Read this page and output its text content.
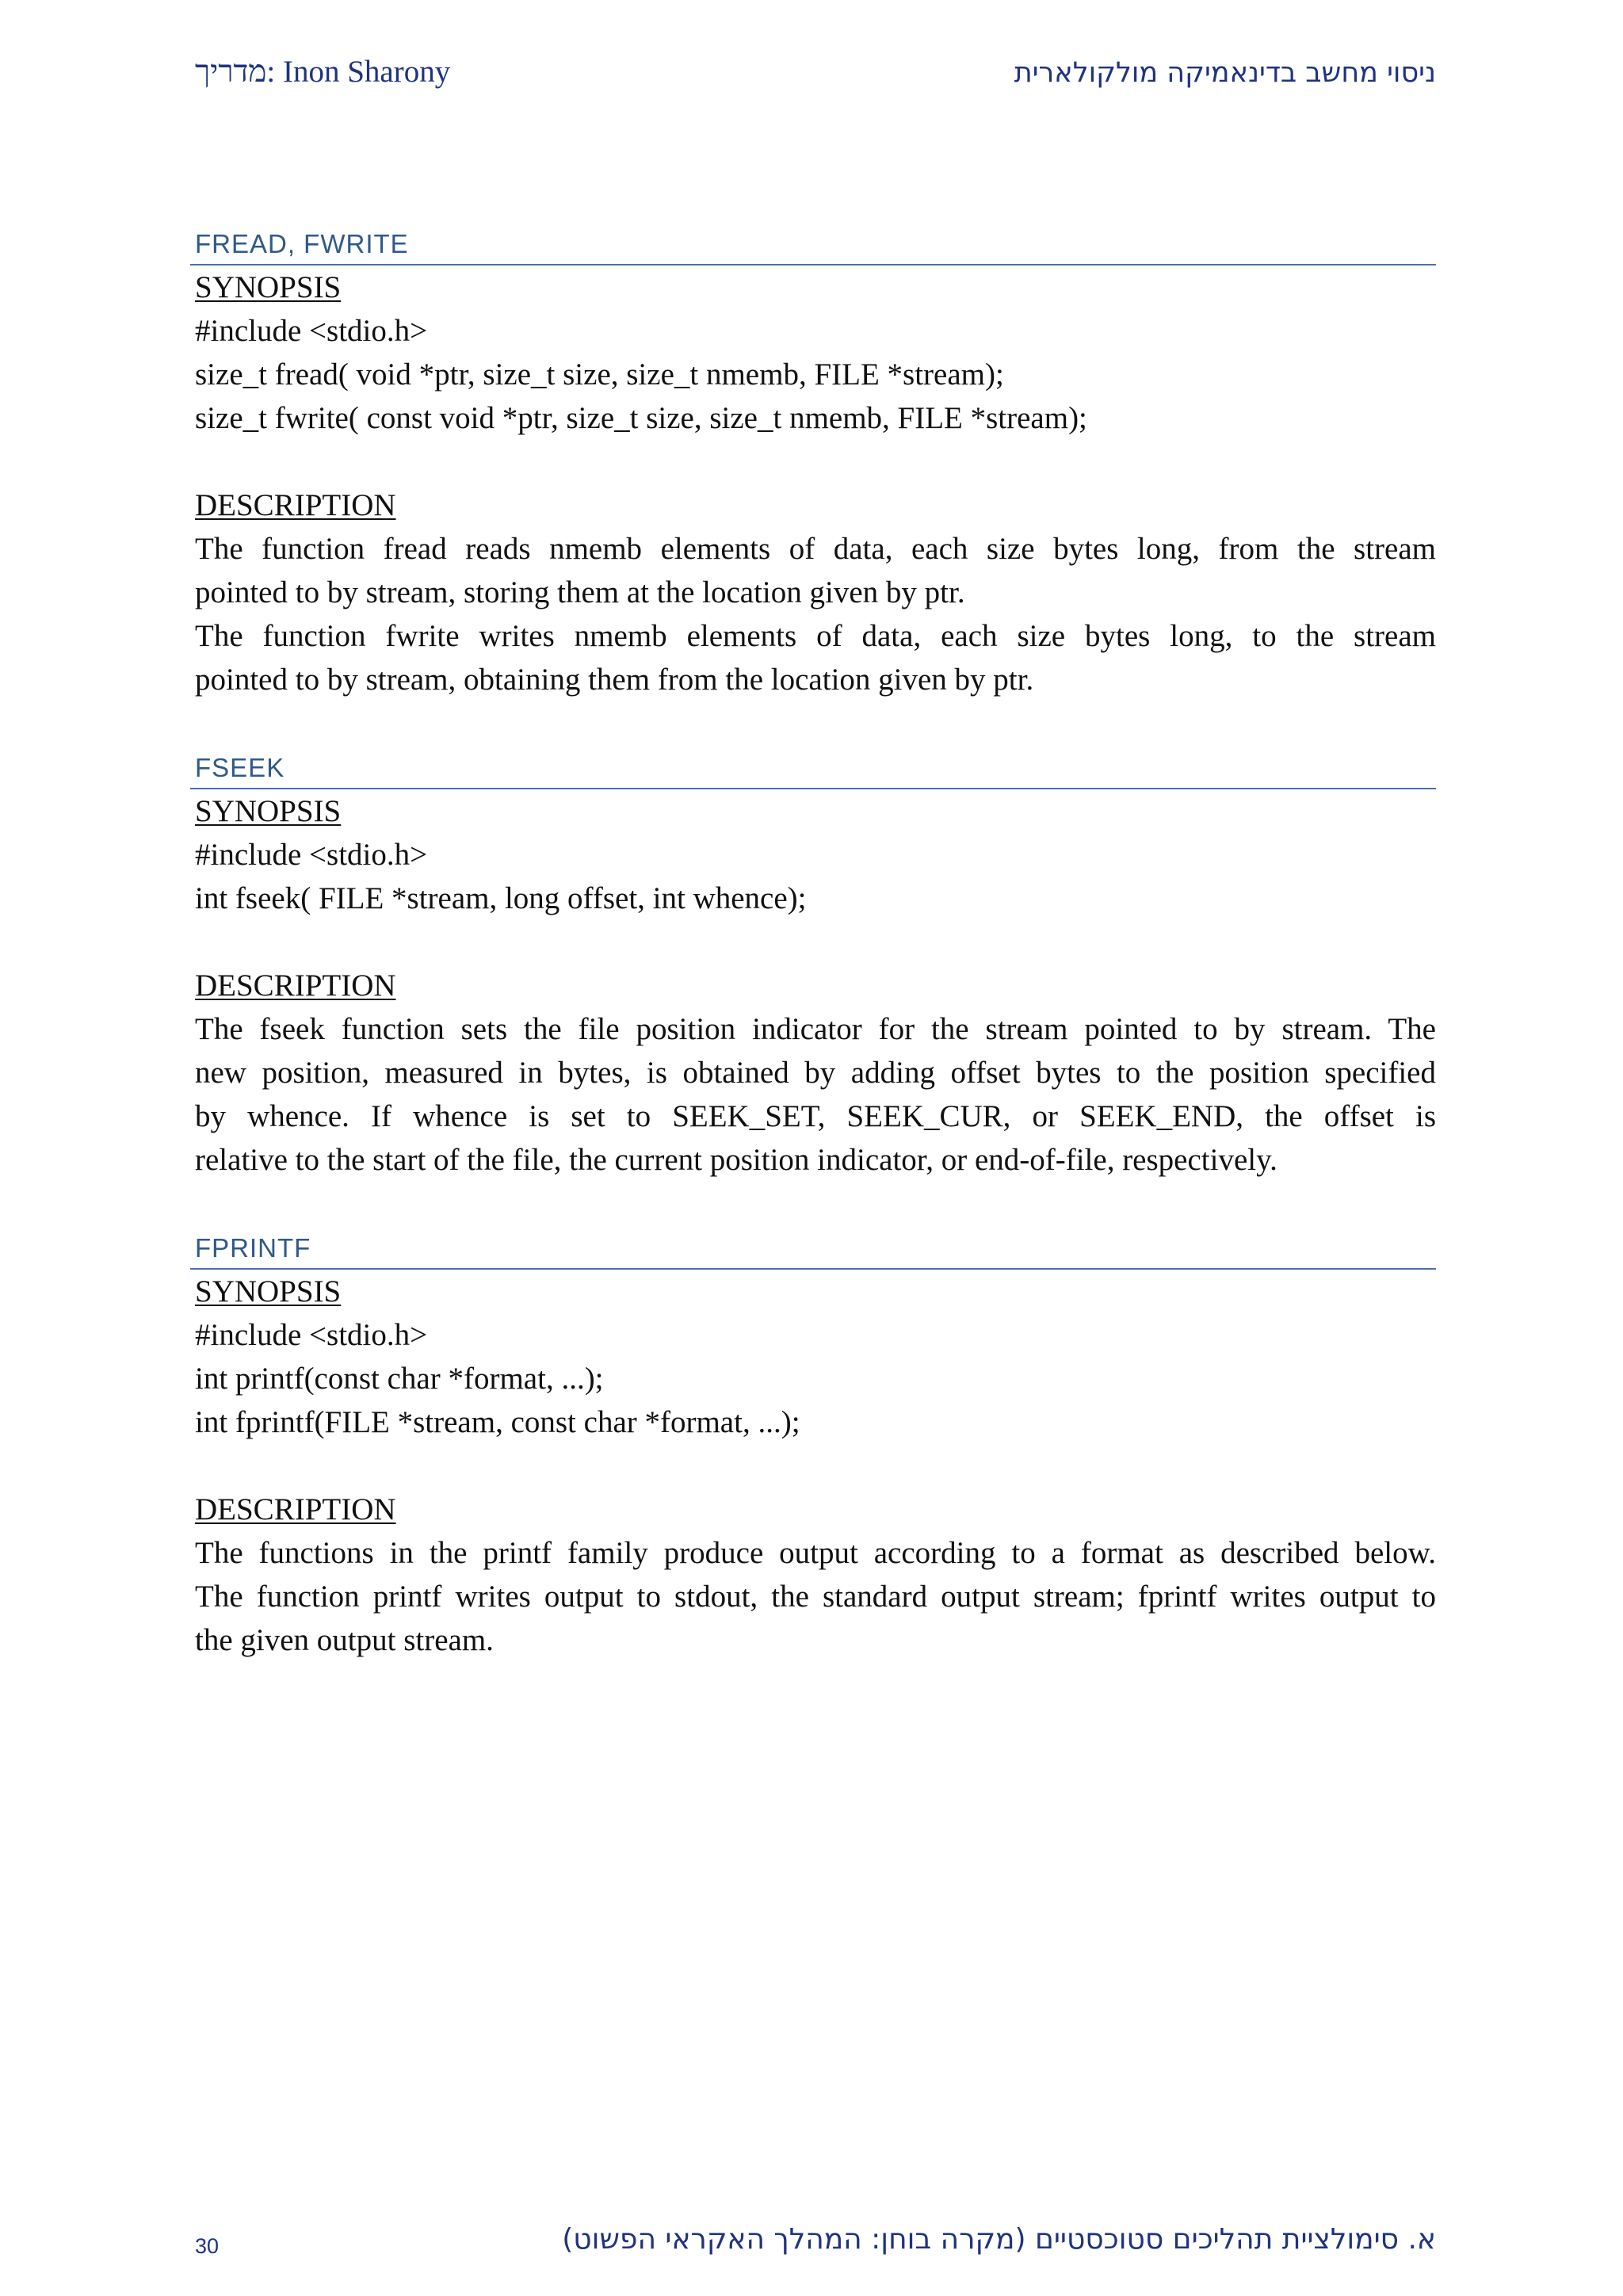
מדריך: Inon Sharony	ניסוי מחשב בדינאמיקה מולקולארית
FREAD, FWRITE
SYNOPSIS
#include <stdio.h>
size_t fread( void *ptr, size_t size, size_t nmemb, FILE *stream);
size_t fwrite( const void *ptr, size_t size, size_t nmemb, FILE *stream);
DESCRIPTION
The function fread reads nmemb elements of data, each size bytes long, from the stream
pointed to by stream, storing them at the location given by ptr.
The function fwrite writes nmemb elements of data, each size bytes long, to the stream
pointed to by stream, obtaining them from the location given by ptr.
FSEEK
SYNOPSIS
#include <stdio.h>
int fseek( FILE *stream, long offset, int whence);
DESCRIPTION
The fseek function sets the file position indicator for the stream pointed to by stream. The
new position, measured in bytes, is obtained by adding offset bytes to the position specified
by whence. If whence is set to SEEK_SET, SEEK_CUR, or SEEK_END, the offset is
relative to the start of the file, the current position indicator, or end-of-file, respectively.
FPRINTF
SYNOPSIS
#include <stdio.h>
int printf(const char *format, ...);
int fprintf(FILE *stream, const char *format, ...);
DESCRIPTION
The functions in the printf family produce output according to a format as described below.
The function printf writes output to stdout, the standard output stream; fprintf writes output to
the given output stream.
30	א. סימולציית תהליכים סטוכסטיים (מקרה בוחן: המהלך האקראי הפשוט)
